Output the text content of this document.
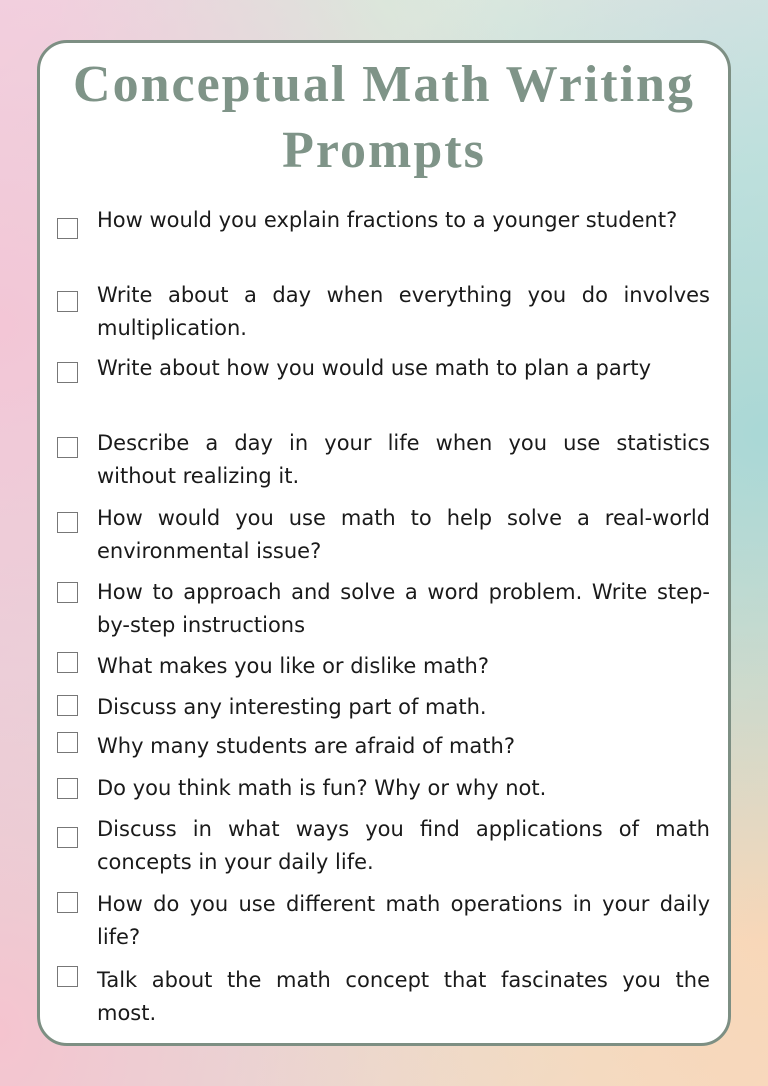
Conceptual Math Writing Prompts
How would you explain fractions to a younger student?
Write about a day when everything you do involves multiplication.
Write about how you would use math to plan a party
Describe a day in your life when you use statistics without realizing it.
How would you use math to help solve a real-world environmental issue?
How to approach and solve a word problem. Write step-by-step instructions
What makes you like or dislike math?
Discuss any interesting part of math.
Why many students are afraid of math?
Do you think math is fun? Why or why not.
Discuss in what ways you find applications of math concepts in your daily life.
How do you use different math operations in your daily life?
Talk about the math concept that fascinates you the most.
